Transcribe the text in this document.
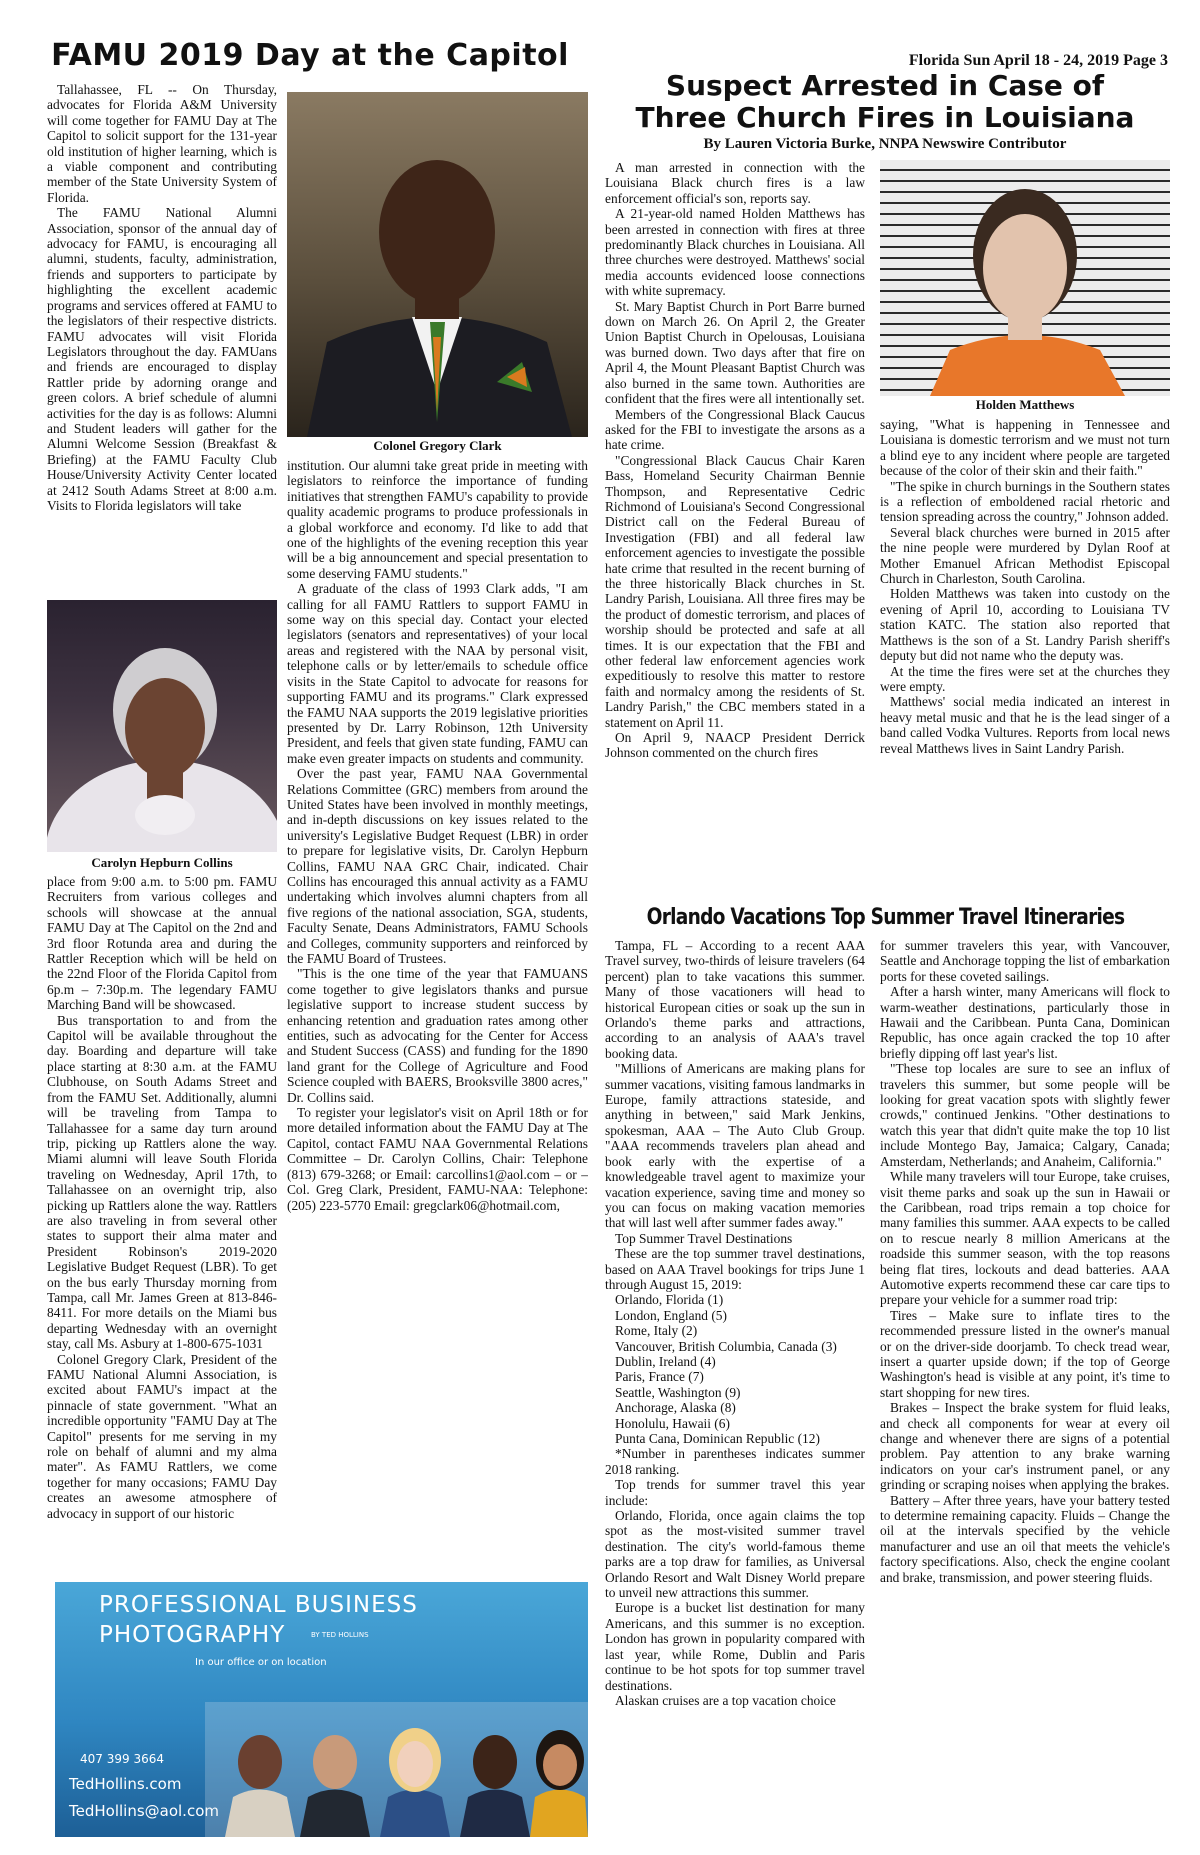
Florida Sun April 18 - 24, 2019 Page 3
FAMU 2019 Day at the Capitol

Tallahassee, FL -- On Thursday, advocates for Florida A&M University will come together for FAMU Day at The Capitol to solicit support for the 131-year old institution of higher learning, which is a viable component and contributing member of the State University System of Florida.

The FAMU National Alumni Association, sponsor of the annual day of advocacy for FAMU, is encouraging all alumni, students, faculty, administration, friends and supporters to participate by highlighting the excellent academic programs and services offered at FAMU to the legislators of their respective districts. FAMU advocates will visit Florida Legislators throughout the day. FAMUans and friends are encouraged to display Rattler pride by adorning orange and green colors. A brief schedule of alumni activities for the day is as follows: Alumni and Student leaders will gather for the Alumni Welcome Session (Breakfast & Briefing) at the FAMU Faculty Club House/University Activity Center located at 2412 South Adams Street at 8:00 a.m. Visits to Florida legislators will take

Carolyn Hepburn Collins

place from 9:00 a.m. to 5:00 pm. FAMU Recruiters from various colleges and schools will showcase at the annual FAMU Day at The Capitol on the 2nd and 3rd floor Rotunda area and during the Rattler Reception which will be held on the 22nd Floor of the Florida Capitol from 6p.m – 7:30p.m. The legendary FAMU Marching Band will be showcased.

Bus transportation to and from the Capitol will be available throughout the day. Boarding and departure will take place starting at 8:30 a.m. at the FAMU Clubhouse, on South Adams Street and from the FAMU Set. Additionally, alumni will be traveling from Tampa to Tallahassee for a same day turn around trip, picking up Rattlers alone the way. Miami alumni will leave South Florida traveling on Wednesday, April 17th, to Tallahassee on an overnight trip, also picking up Rattlers alone the way. Rattlers are also traveling in from several other states to support their alma mater and President Robinson's 2019-2020 Legislative Budget Request (LBR). To get on the bus early Thursday morning from Tampa, call Mr. James Green at 813-846-8411. For more details on the Miami bus departing Wednesday with an overnight stay, call Ms. Asbury at 1-800-675-1031

Colonel Gregory Clark, President of the FAMU National Alumni Association, is excited about FAMU's impact at the pinnacle of state government. "What an incredible opportunity "FAMU Day at The Capitol" presents for me serving in my role on behalf of alumni and my alma mater". As FAMU Rattlers, we come together for many occasions; FAMU Day creates an awesome atmosphere of advocacy in support of our historic

Colonel Gregory Clark

institution. Our alumni take great pride in meeting with legislators to reinforce the importance of funding initiatives that strengthen FAMU's capability to provide quality academic programs to produce professionals in a global workforce and economy. I'd like to add that one of the highlights of the evening reception this year will be a big announcement and special presentation to some deserving FAMU students."

A graduate of the class of 1993 Clark adds, "I am calling for all FAMU Rattlers to support FAMU in some way on this special day. Contact your elected legislators (senators and representatives) of your local areas and registered with the NAA by personal visit, telephone calls or by letter/emails to schedule office visits in the State Capitol to advocate for reasons for supporting FAMU and its programs." Clark expressed the FAMU NAA supports the 2019 legislative priorities presented by Dr. Larry Robinson, 12th University President, and feels that given state funding, FAMU can make even greater impacts on students and community.

Over the past year, FAMU NAA Governmental Relations Committee (GRC) members from around the United States have been involved in monthly meetings, and in-depth discussions on key issues related to the university's Legislative Budget Request (LBR) in order to prepare for legislative visits, Dr. Carolyn Hepburn Collins, FAMU NAA GRC Chair, indicated. Chair Collins has encouraged this annual activity as a FAMU undertaking which involves alumni chapters from all five regions of the national association, SGA, students, Faculty Senate, Deans Administrators, FAMU Schools and Colleges, community supporters and reinforced by the FAMU Board of Trustees.

"This is the one time of the year that FAMUANS come together to give legislators thanks and pursue legislative support to increase student success by enhancing retention and graduation rates among other entities, such as advocating for the Center for Access and Student Success (CASS) and funding for the 1890 land grant for the College of Agriculture and Food Science coupled with BAERS, Brooksville 3800 acres," Dr. Collins said.

To register your legislator's visit on April 18th or for more detailed information about the FAMU Day at The Capitol, contact FAMU NAA Governmental Relations Committee – Dr. Carolyn Collins, Chair: Telephone (813) 679-3268; or Email: carcollins1@aol.com – or – Col. Greg Clark, President, FAMU-NAA: Telephone: (205) 223-5770 Email: gregclark06@hotmail.com,

Suspect Arrested in Case of
Three Church Fires in Louisiana
By Lauren Victoria Burke, NNPA Newswire Contributor

A man arrested in connection with the Louisiana Black church fires is a law enforcement official's son, reports say.

A 21-year-old named Holden Matthews has been arrested in connection with fires at three predominantly Black churches in Louisiana. All three churches were destroyed. Matthews' social media accounts evidenced loose connections with white supremacy.

St. Mary Baptist Church in Port Barre burned down on March 26. On April 2, the Greater Union Baptist Church in Opelousas, Louisiana was burned down. Two days after that fire on April 4, the Mount Pleasant Baptist Church was also burned in the same town. Authorities are confident that the fires were all intentionally set.

Members of the Congressional Black Caucus asked for the FBI to investigate the arsons as a hate crime.

"Congressional Black Caucus Chair Karen Bass, Homeland Security Chairman Bennie Thompson, and Representative Cedric Richmond of Louisiana's Second Congressional District call on the Federal Bureau of Investigation (FBI) and all federal law enforcement agencies to investigate the possible hate crime that resulted in the recent burning of the three historically Black churches in St. Landry Parish, Louisiana. All three fires may be the product of domestic terrorism, and places of worship should be protected and safe at all times. It is our expectation that the FBI and other federal law enforcement agencies work expeditiously to resolve this matter to restore faith and normalcy among the residents of St. Landry Parish," the CBC members stated in a statement on April 11.

On April 9, NAACP President Derrick Johnson commented on the church fires

Holden Matthews

saying, "What is happening in Tennessee and Louisiana is domestic terrorism and we must not turn a blind eye to any incident where people are targeted because of the color of their skin and their faith."

"The spike in church burnings in the Southern states is a reflection of emboldened racial rhetoric and tension spreading across the country," Johnson added.

Several black churches were burned in 2015 after the nine people were murdered by Dylan Roof at Mother Emanuel African Methodist Episcopal Church in Charleston, South Carolina.

Holden Matthews was taken into custody on the evening of April 10, according to Louisiana TV station KATC. The station also reported that Matthews is the son of a St. Landry Parish sheriff's deputy but did not name who the deputy was.

At the time the fires were set at the churches they were empty.

Matthews' social media indicated an interest in heavy metal music and that he is the lead singer of a band called Vodka Vultures. Reports from local news reveal Matthews lives in Saint Landry Parish.

Orlando Vacations Top Summer Travel Itineraries

Tampa, FL – According to a recent AAA Travel survey, two-thirds of leisure travelers (64 percent) plan to take vacations this summer. Many of those vacationers will head to historical European cities or soak up the sun in Orlando's theme parks and attractions, according to an analysis of AAA's travel booking data.

"Millions of Americans are making plans for summer vacations, visiting famous landmarks in Europe, family attractions stateside, and anything in between," said Mark Jenkins, spokesman, AAA – The Auto Club Group. "AAA recommends travelers plan ahead and book early with the expertise of a knowledgeable travel agent to maximize your vacation experience, saving time and money so you can focus on making vacation memories that will last well after summer fades away."

Top Summer Travel Destinations

These are the top summer travel destinations, based on AAA Travel bookings for trips June 1 through August 15, 2019:

Orlando, Florida (1)
London, England (5)
Rome, Italy (2)
Vancouver, British Columbia, Canada (3)
Dublin, Ireland (4)
Paris, France (7)
Seattle, Washington (9)
Anchorage, Alaska (8)
Honolulu, Hawaii (6)
Punta Cana, Dominican Republic (12)

*Number in parentheses indicates summer 2018 ranking.

Top trends for summer travel this year include:

Orlando, Florida, once again claims the top spot as the most-visited summer travel destination. The city's world-famous theme parks are a top draw for families, as Universal Orlando Resort and Walt Disney World prepare to unveil new attractions this summer.

Europe is a bucket list destination for many Americans, and this summer is no exception. London has grown in popularity compared with last year, while Rome, Dublin and Paris continue to be hot spots for top summer travel destinations.

Alaskan cruises are a top vacation choice

for summer travelers this year, with Vancouver, Seattle and Anchorage topping the list of embarkation ports for these coveted sailings.

After a harsh winter, many Americans will flock to warm-weather destinations, particularly those in Hawaii and the Caribbean. Punta Cana, Dominican Republic, has once again cracked the top 10 after briefly dipping off last year's list.

"These top locales are sure to see an influx of travelers this summer, but some people will be looking for great vacation spots with slightly fewer crowds," continued Jenkins. "Other destinations to watch this year that didn't quite make the top 10 list include Montego Bay, Jamaica; Calgary, Canada; Amsterdam, Netherlands; and Anaheim, California."

While many travelers will tour Europe, take cruises, visit theme parks and soak up the sun in Hawaii or the Caribbean, road trips remain a top choice for many families this summer. AAA expects to be called on to rescue nearly 8 million Americans at the roadside this summer season, with the top reasons being flat tires, lockouts and dead batteries. AAA Automotive experts recommend these car care tips to prepare your vehicle for a summer road trip:

Tires – Make sure to inflate tires to the recommended pressure listed in the owner's manual or on the driver-side doorjamb. To check tread wear, insert a quarter upside down; if the top of George Washington's head is visible at any point, it's time to start shopping for new tires.

Brakes – Inspect the brake system for fluid leaks, and check all components for wear at every oil change and whenever there are signs of a potential problem. Pay attention to any brake warning indicators on your car's instrument panel, or any grinding or scraping noises when applying the brakes.

Battery – After three years, have your battery tested to determine remaining capacity. Fluids – Change the oil at the intervals specified by the vehicle manufacturer and use an oil that meets the vehicle's factory specifications. Also, check the engine coolant and brake, transmission, and power steering fluids.

PROFESSIONAL BUSINESS
PHOTOGRAPHY	BY TED HOLLINS
In our office or on location
407 399 3664
TedHollins.com
TedHollins@aol.com
